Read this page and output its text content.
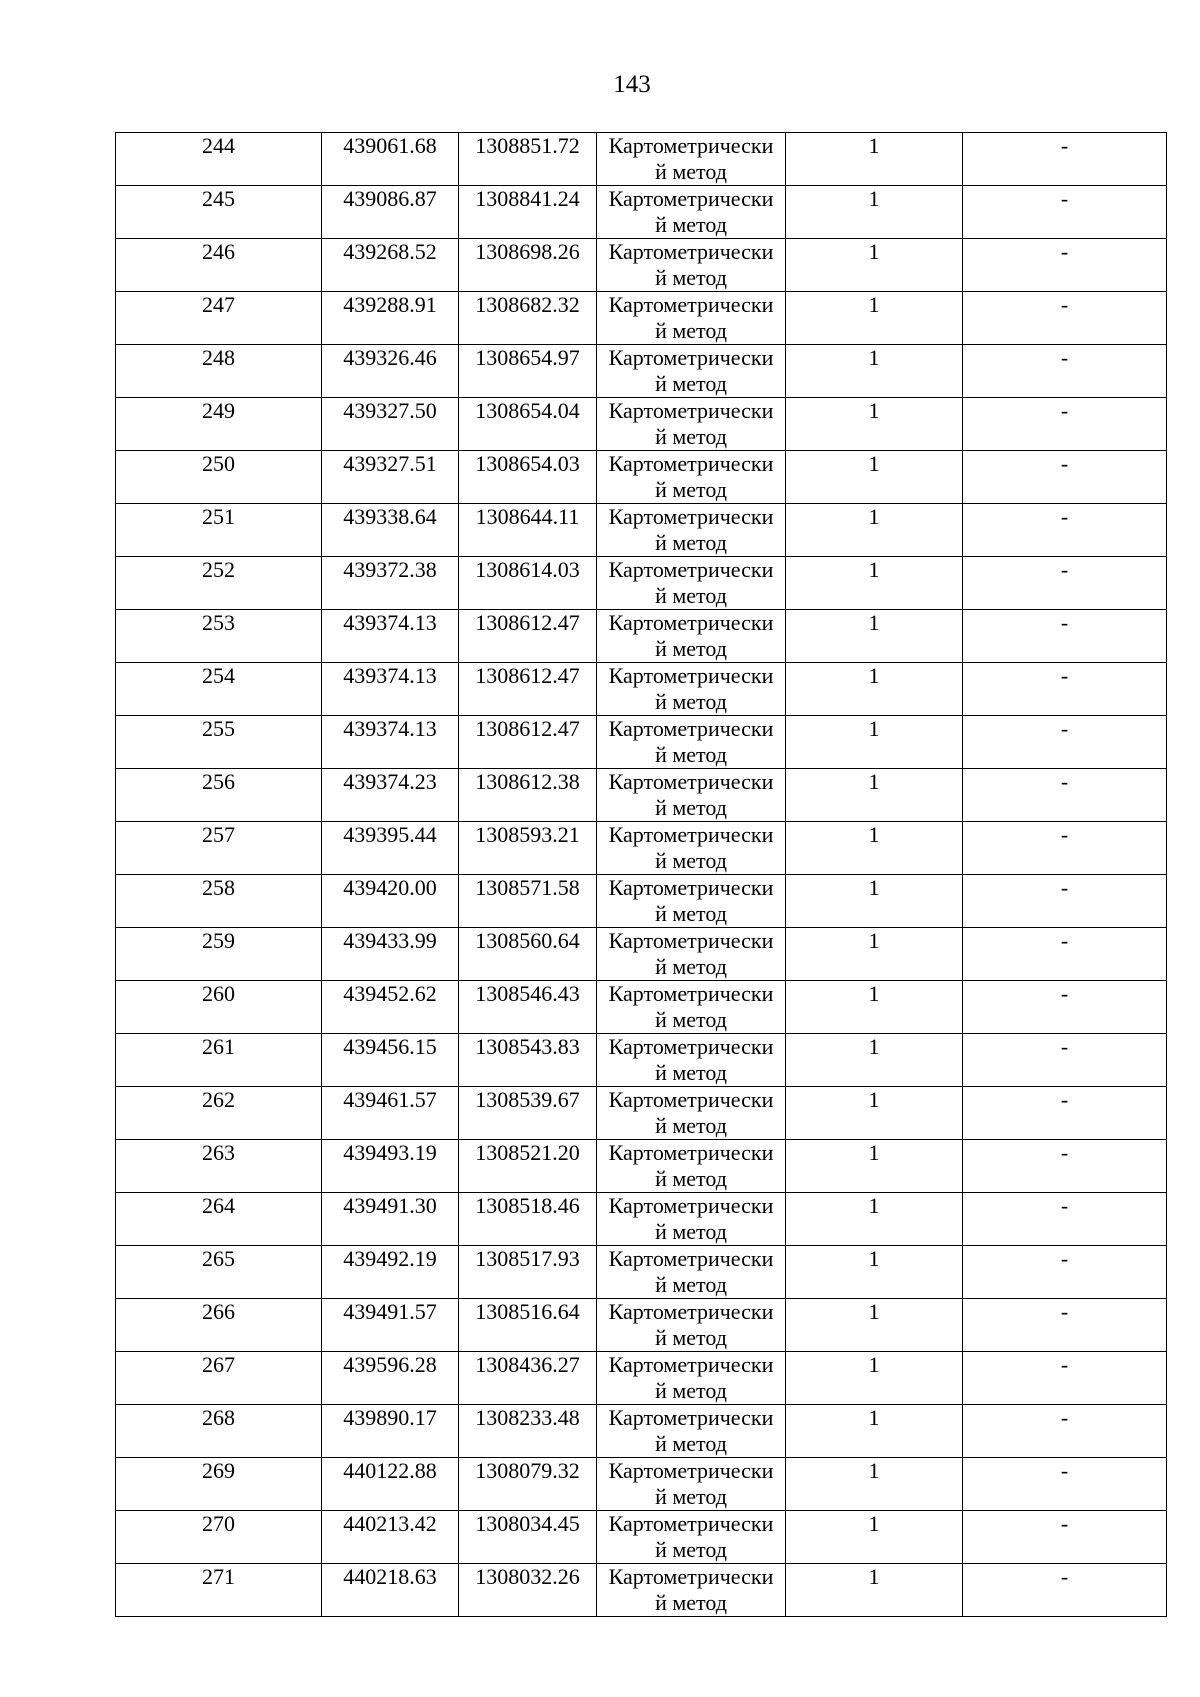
143
244	439061.68	1308851.72	Картометрически
й метод	1	-
245	439086.87	1308841.24	Картометрически
й метод	1	-
246	439268.52	1308698.26	Картометрически
й метод	1	-
247	439288.91	1308682.32	Картометрически
й метод	1	-
248	439326.46	1308654.97	Картометрически
й метод	1	-
249	439327.50	1308654.04	Картометрически
й метод	1	-
250	439327.51	1308654.03	Картометрически
й метод	1	-
251	439338.64	1308644.11	Картометрически
й метод	1	-
252	439372.38	1308614.03	Картометрически
й метод	1	-
253	439374.13	1308612.47	Картометрически
й метод	1	-
254	439374.13	1308612.47	Картометрически
й метод	1	-
255	439374.13	1308612.47	Картометрически
й метод	1	-
256	439374.23	1308612.38	Картометрически
й метод	1	-
257	439395.44	1308593.21	Картометрически
й метод	1	-
258	439420.00	1308571.58	Картометрически
й метод	1	-
259	439433.99	1308560.64	Картометрически
й метод	1	-
260	439452.62	1308546.43	Картометрически
й метод	1	-
261	439456.15	1308543.83	Картометрически
й метод	1	-
262	439461.57	1308539.67	Картометрически
й метод	1	-
263	439493.19	1308521.20	Картометрически
й метод	1	-
264	439491.30	1308518.46	Картометрически
й метод	1	-
265	439492.19	1308517.93	Картометрически
й метод	1	-
266	439491.57	1308516.64	Картометрически
й метод	1	-
267	439596.28	1308436.27	Картометрически
й метод	1	-
268	439890.17	1308233.48	Картометрически
й метод	1	-
269	440122.88	1308079.32	Картометрически
й метод	1	-
270	440213.42	1308034.45	Картометрически
й метод	1	-
271	440218.63	1308032.26	Картометрически
й метод	1	-
